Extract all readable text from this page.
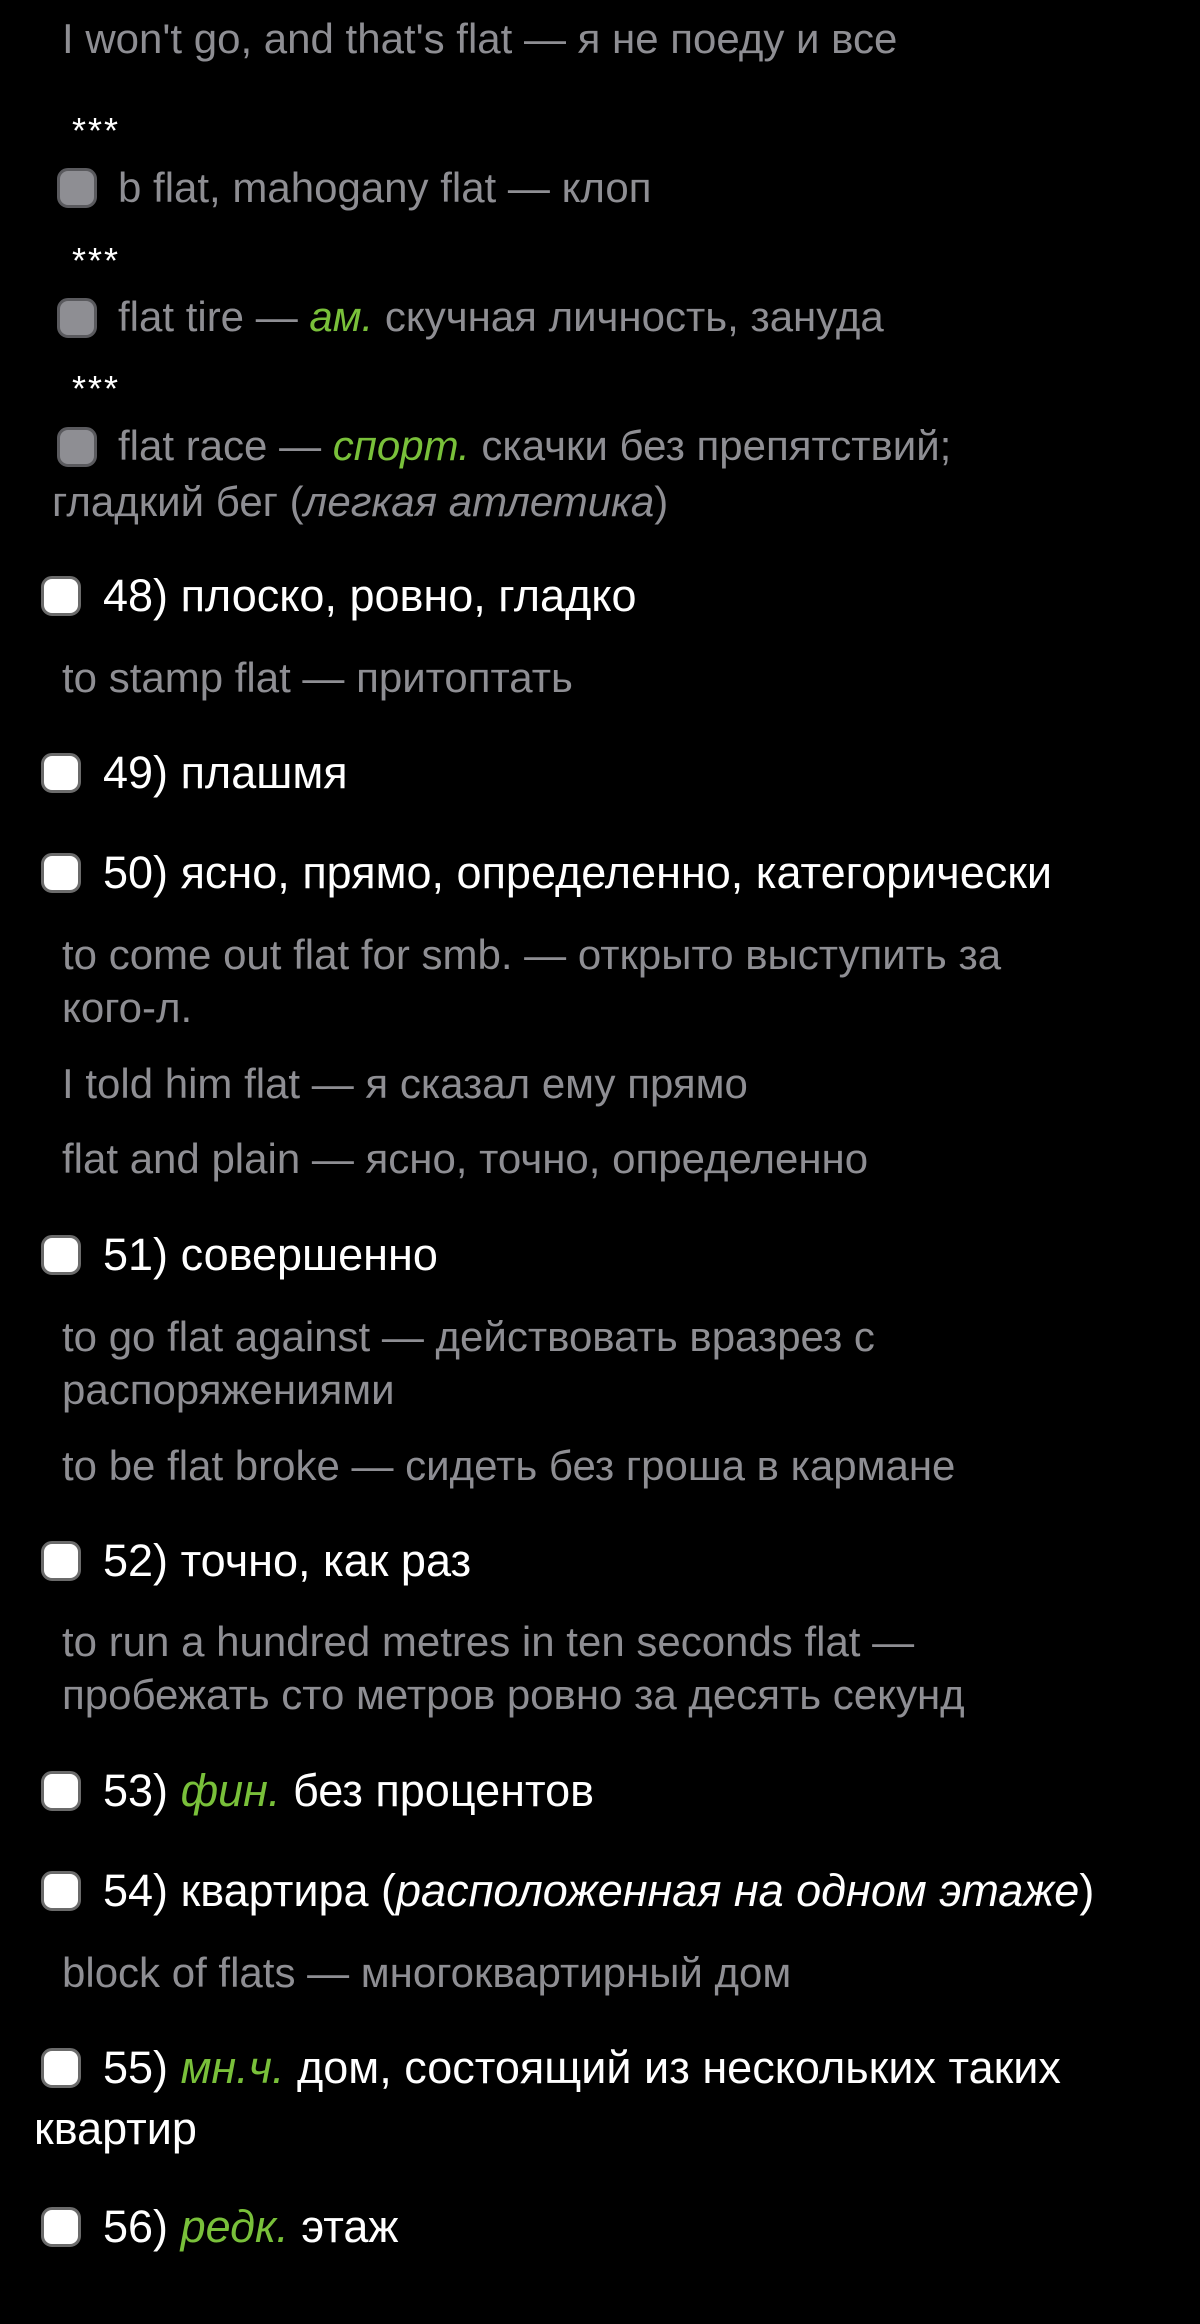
I won't go, and that's flat — я не поеду и все
***
b flat, mahogany flat — клоп
***
flat tire — ам. скучная личность, зануда
***
flat race — спорт. скачки без препятствий;
гладкий бег (легкая атлетика)
48) плоско, ровно, гладко
to stamp flat — притоптать
49) плашмя
50) ясно, прямо, определенно, категорически
to come out flat for smb. — открыто выступить за
кого-л.
I told him flat — я сказал ему прямо
flat and plain — ясно, точно, определенно
51) совершенно
to go flat against — действовать вразрез с
распоряжениями
to be flat broke — сидеть без гроша в кармане
52) точно, как раз
to run a hundred metres in ten seconds flat —
пробежать сто метров ровно за десять секунд
53) фин. без процентов
54) квартира (расположенная на одном этаже)
block of flats — многоквартирный дом
55) мн.ч. дом, состоящий из нескольких таких
квартир
56) редк. этаж
